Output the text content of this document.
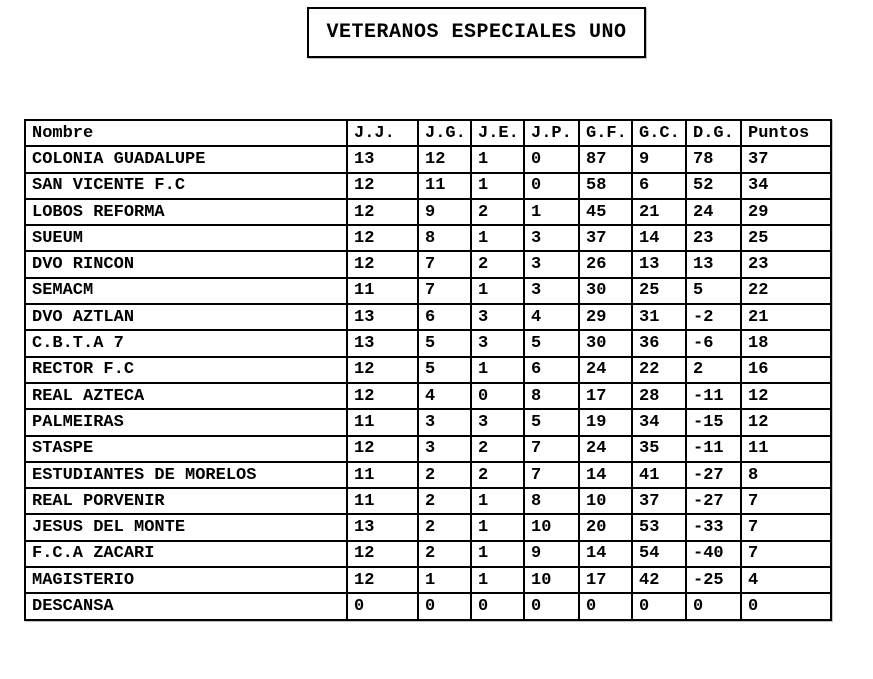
VETERANOS ESPECIALES UNO
Nombre	J.J.	J.G.	J.E.	J.P.	G.F.	G.C.	D.G.	Puntos
COLONIA GUADALUPE	13	12	1	0	87	9	78	37
SAN VICENTE F.C	12	11	1	0	58	6	52	34
LOBOS REFORMA	12	9	2	1	45	21	24	29
SUEUM	12	8	1	3	37	14	23	25
DVO RINCON	12	7	2	3	26	13	13	23
SEMACM	11	7	1	3	30	25	5	22
DVO AZTLAN	13	6	3	4	29	31	-2	21
C.B.T.A 7	13	5	3	5	30	36	-6	18
RECTOR F.C	12	5	1	6	24	22	2	16
REAL AZTECA	12	4	0	8	17	28	-11	12
PALMEIRAS	11	3	3	5	19	34	-15	12
STASPE	12	3	2	7	24	35	-11	11
ESTUDIANTES DE MORELOS	11	2	2	7	14	41	-27	8
REAL PORVENIR	11	2	1	8	10	37	-27	7
JESUS DEL MONTE	13	2	1	10	20	53	-33	7
F.C.A ZACARI	12	2	1	9	14	54	-40	7
MAGISTERIO	12	1	1	10	17	42	-25	4
DESCANSA	0	0	0	0	0	0	0	0
